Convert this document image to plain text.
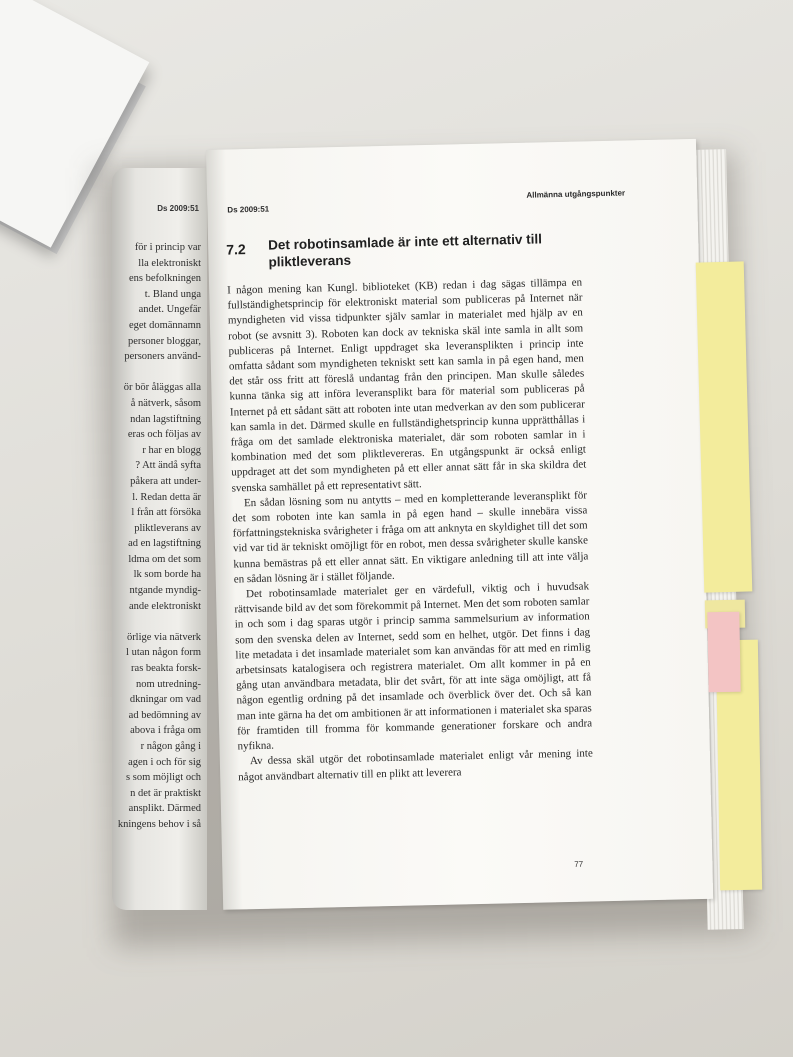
Ds 2009:51
för i princip var
lla elektroniskt
ens befolkningen
t. Bland unga
andet. Ungefär
eget domännamn
personer bloggar,
personers använd-
ör bör åläggas alla
å nätverk, såsom
ndan lagstiftning
eras och följas av
r har en blogg
? Att ändå syfta
påkera att under-
l. Redan detta är
l från att försöka
pliktleverans av
ad en lagstiftning
ldma om det som
lk som borde ha
ntgande myndig-
ande elektroniskt
örlige via nätverk
l utan någon form
ras beakta forsk-
nom utredning-
dkningar om vad
ad bedömning av
abova i fråga om
r någon gång i
agen i och för sig
s som möjligt och
n det är praktiskt
ansplikt. Därmed
kningens behov i så
Ds 2009:51
Allmänna utgångspunkter
7.2 Det robotinsamlade är inte ett alternativ till pliktleverans

I någon mening kan Kungl. biblioteket (KB) redan i dag sägas tillämpa en fullständighetsprincip för elektroniskt material som publiceras på Internet när myndigheten vid vissa tidpunkter själv samlar in materialet med hjälp av en robot (se avsnitt 3). Roboten kan dock av tekniska skäl inte samla in allt som publiceras på Internet. Enligt uppdraget ska leveransplikten i princip inte omfatta sådant som myndigheten tekniskt sett kan samla in på egen hand, men det står oss fritt att föreslå undantag från den principen. Man skulle således kunna tänka sig att införa leveransplikt bara för material som publiceras på Internet på ett sådant sätt att roboten inte utan medverkan av den som publicerar kan samla in det. Därmed skulle en fullständighetsprincip kunna upprätthållas i fråga om det samlade elektroniska materialet, där som roboten samlar in i kombination med det som pliktlevereras. En utgångspunkt är också enligt uppdraget att det som myndigheten på ett eller annat sätt får in ska skildra det svenska samhället på ett representativt sätt.

En sådan lösning som nu antytts – med en kompletterande leveransplikt för det som roboten inte kan samla in på egen hand – skulle innebära vissa författningstekniska svårigheter i fråga om att anknyta en skyldighet till det som vid var tid är tekniskt omöjligt för en robot, men dessa svårigheter skulle kanske kunna bemästras på ett eller annat sätt. En viktigare anledning till att inte välja en sådan lösning är i stället följande.

Det robotinsamlade materialet ger en värdefull, viktig och i huvudsak rättvisande bild av det som förekommit på Internet. Men det som roboten samlar in och som i dag sparas utgör i princip samma sammelsurium av information som den svenska delen av Internet, sedd som en helhet, utgör. Det finns i dag lite metadata i det insamlade materialet som kan användas för att med en rimlig arbetsinsats katalogisera och registrera materialet. Om allt kommer in på en gång utan användbara metadata, blir det svårt, för att inte säga omöjligt, att få någon egentlig ordning på det insamlade och överblick över det. Och så kan man inte gärna ha det om ambitionen är att informationen i materialet ska sparas för framtiden till fromma för kommande generationer forskare och andra nyfikna.

Av dessa skäl utgör det robotinsamlade materialet enligt vår mening inte något användbart alternativ till en plikt att leverera

77
